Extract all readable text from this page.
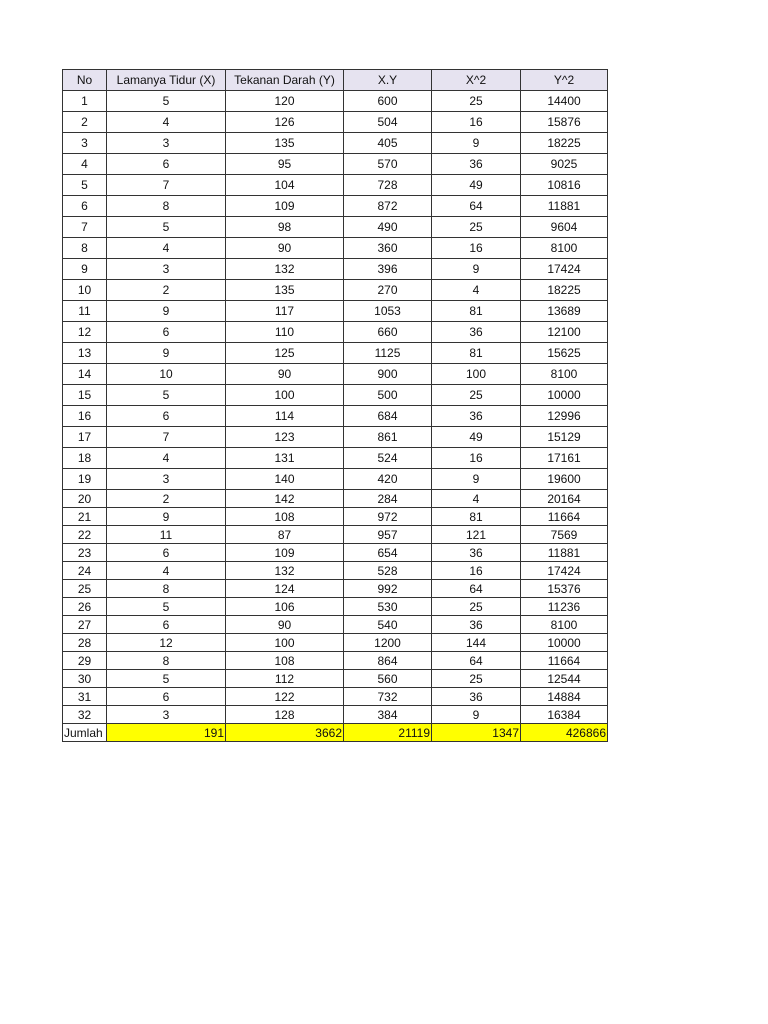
No	Lamanya Tidur (X)	Tekanan Darah (Y)	X.Y	X^2	Y^2
1	5	120	600	25	14400
2	4	126	504	16	15876
3	3	135	405	9	18225
4	6	95	570	36	9025
5	7	104	728	49	10816
6	8	109	872	64	11881
7	5	98	490	25	9604
8	4	90	360	16	8100
9	3	132	396	9	17424
10	2	135	270	4	18225
11	9	117	1053	81	13689
12	6	110	660	36	12100
13	9	125	1125	81	15625
14	10	90	900	100	8100
15	5	100	500	25	10000
16	6	114	684	36	12996
17	7	123	861	49	15129
18	4	131	524	16	17161
19	3	140	420	9	19600
20	2	142	284	4	20164
21	9	108	972	81	11664
22	11	87	957	121	7569
23	6	109	654	36	11881
24	4	132	528	16	17424
25	8	124	992	64	15376
26	5	106	530	25	11236
27	6	90	540	36	8100
28	12	100	1200	144	10000
29	8	108	864	64	11664
30	5	112	560	25	12544
31	6	122	732	36	14884
32	3	128	384	9	16384
Jumlah	191	3662	21119	1347	426866
